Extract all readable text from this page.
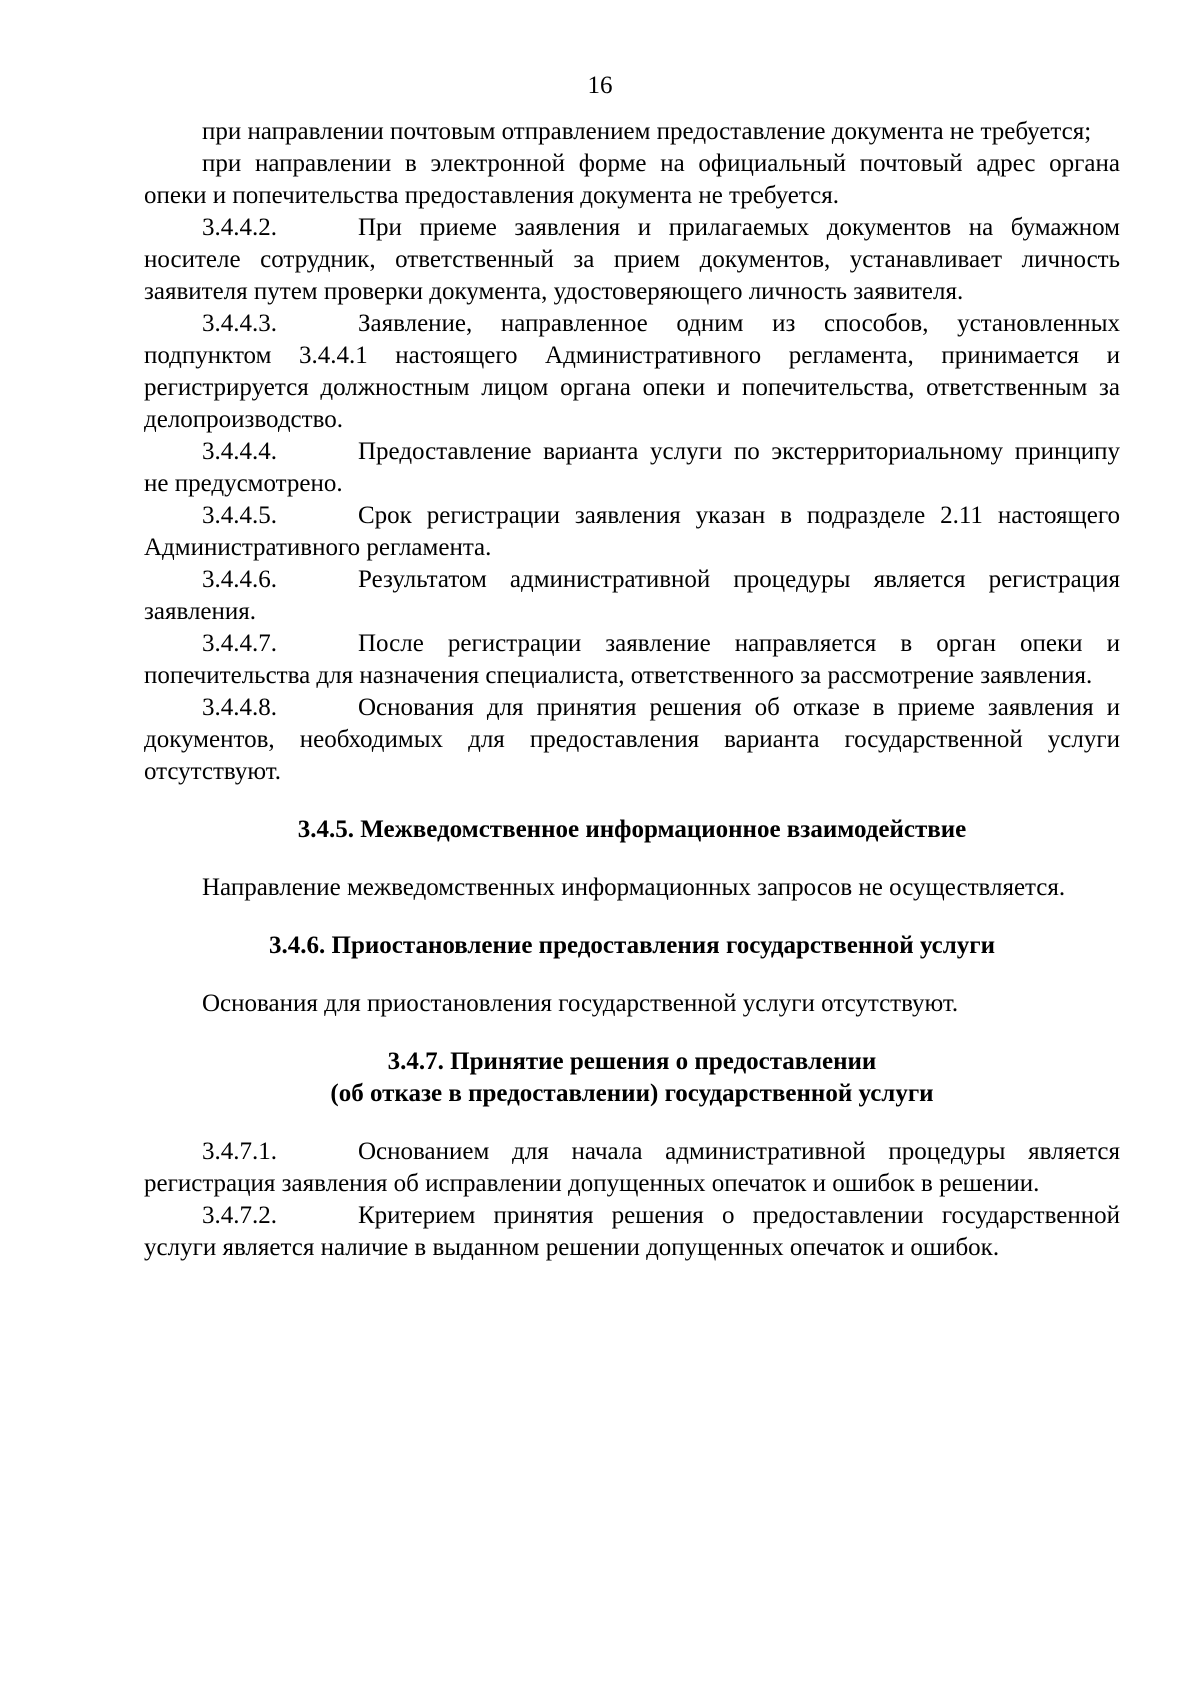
16

при направлении почтовым отправлением предоставление документа не требуется;

при направлении в электронной форме на официальный почтовый адрес органа опеки и попечительства предоставления документа не требуется.

3.4.4.2.	При приеме заявления и прилагаемых документов на бумажном носителе сотрудник, ответственный за прием документов, устанавливает личность заявителя путем проверки документа, удостоверяющего личность заявителя.

3.4.4.3.	Заявление, направленное одним из способов, установленных подпунктом 3.4.4.1 настоящего Административного регламента, принимается и регистрируется должностным лицом органа опеки и попечительства, ответственным за делопроизводство.

3.4.4.4.	Предоставление варианта услуги по экстерриториальному принципу не предусмотрено.

3.4.4.5.	Срок регистрации заявления указан в подразделе 2.11 настоящего Административного регламента.

3.4.4.6.	Результатом административной процедуры является регистрация заявления.

3.4.4.7.	После регистрации заявление направляется в орган опеки и попечительства для назначения специалиста, ответственного за рассмотрение заявления.

3.4.4.8.	Основания для принятия решения об отказе в приеме заявления и документов, необходимых для предоставления варианта государственной услуги отсутствуют.

3.4.5. Межведомственное информационное взаимодействие

Направление межведомственных информационных запросов не осуществляется.

3.4.6. Приостановление предоставления государственной услуги

Основания для приостановления государственной услуги отсутствуют.

3.4.7. Принятие решения о предоставлении
(об отказе в предоставлении) государственной услуги

3.4.7.1.	Основанием для начала административной процедуры является регистрация заявления об исправлении допущенных опечаток и ошибок в решении.

3.4.7.2.	Критерием принятия решения о предоставлении государственной услуги является наличие в выданном решении допущенных опечаток и ошибок.
